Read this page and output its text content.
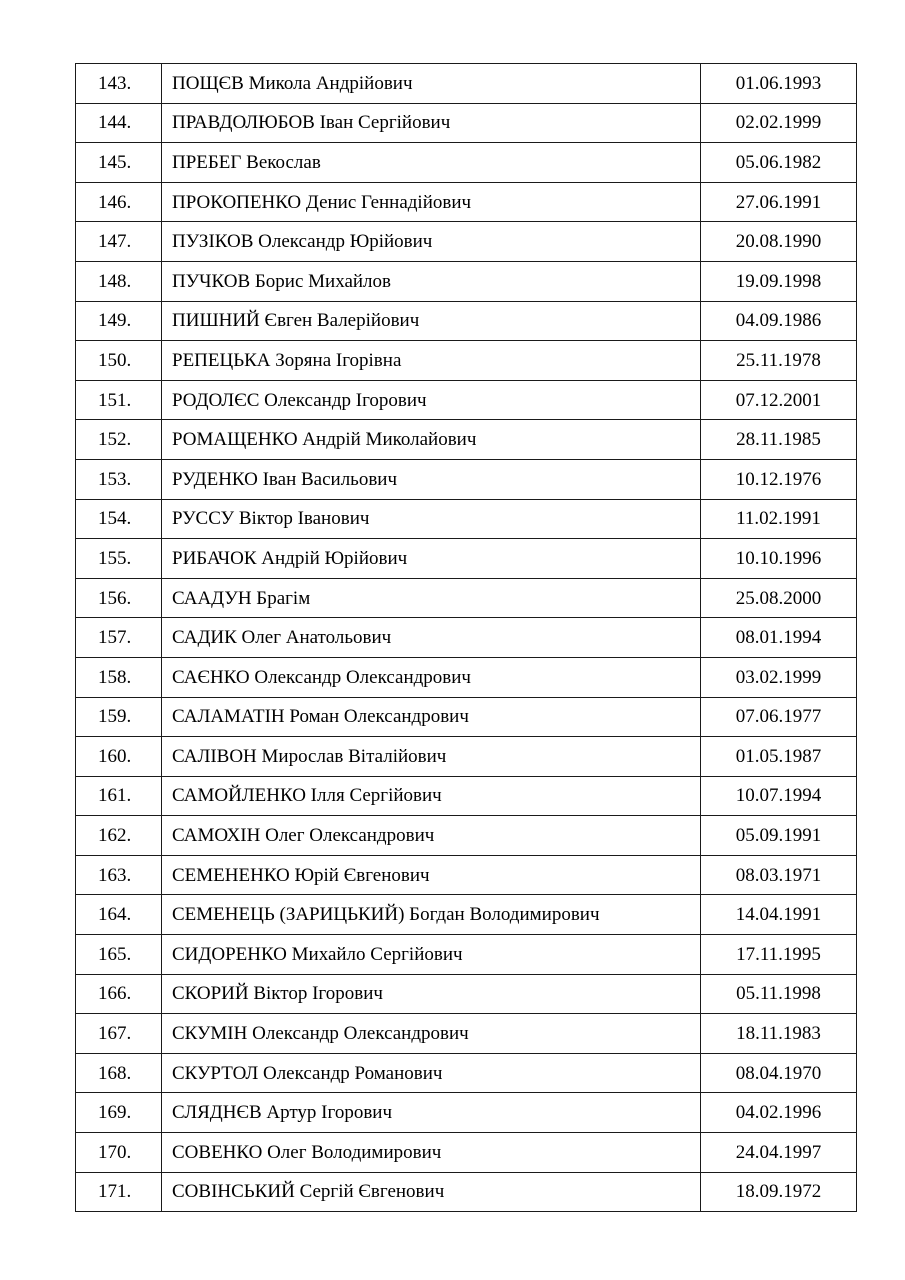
143.	ПОЩЄВ Микола Андрійович	01.06.1993
144.	ПРАВДОЛЮБОВ Іван Сергійович	02.02.1999
145.	ПРЕБЕГ Векослав	05.06.1982
146.	ПРОКОПЕНКО Денис Геннадійович	27.06.1991
147.	ПУЗІКОВ Олександр Юрійович	20.08.1990
148.	ПУЧКОВ Борис Михайлов	19.09.1998
149.	ПИШНИЙ Євген Валерійович	04.09.1986
150.	РЕПЕЦЬКА Зоряна Ігорівна	25.11.1978
151.	РОДОЛЄС Олександр Ігорович	07.12.2001
152.	РОМАЩЕНКО Андрій Миколайович	28.11.1985
153.	РУДЕНКО Іван Васильович	10.12.1976
154.	РУССУ Віктор Іванович	11.02.1991
155.	РИБАЧОК Андрій Юрійович	10.10.1996
156.	СААДУН Брагім	25.08.2000
157.	САДИК Олег Анатольович	08.01.1994
158.	САЄНКО Олександр Олександрович	03.02.1999
159.	САЛАМАТІН Роман Олександрович	07.06.1977
160.	САЛІВОН Мирослав Віталійович	01.05.1987
161.	САМОЙЛЕНКО Ілля Сергійович	10.07.1994
162.	САМОХІН Олег Олександрович	05.09.1991
163.	СЕМЕНЕНКО Юрій Євгенович	08.03.1971
164.	СЕМЕНЕЦЬ (ЗАРИЦЬКИЙ) Богдан Володимирович	14.04.1991
165.	СИДОРЕНКО Михайло Сергійович	17.11.1995
166.	СКОРИЙ Віктор Ігорович	05.11.1998
167.	СКУМІН Олександр Олександрович	18.11.1983
168.	СКУРТОЛ Олександр Романович	08.04.1970
169.	СЛЯДНЄВ Артур Ігорович	04.02.1996
170.	СОВЕНКО Олег Володимирович	24.04.1997
171.	СОВІНСЬКИЙ Сергій Євгенович	18.09.1972
